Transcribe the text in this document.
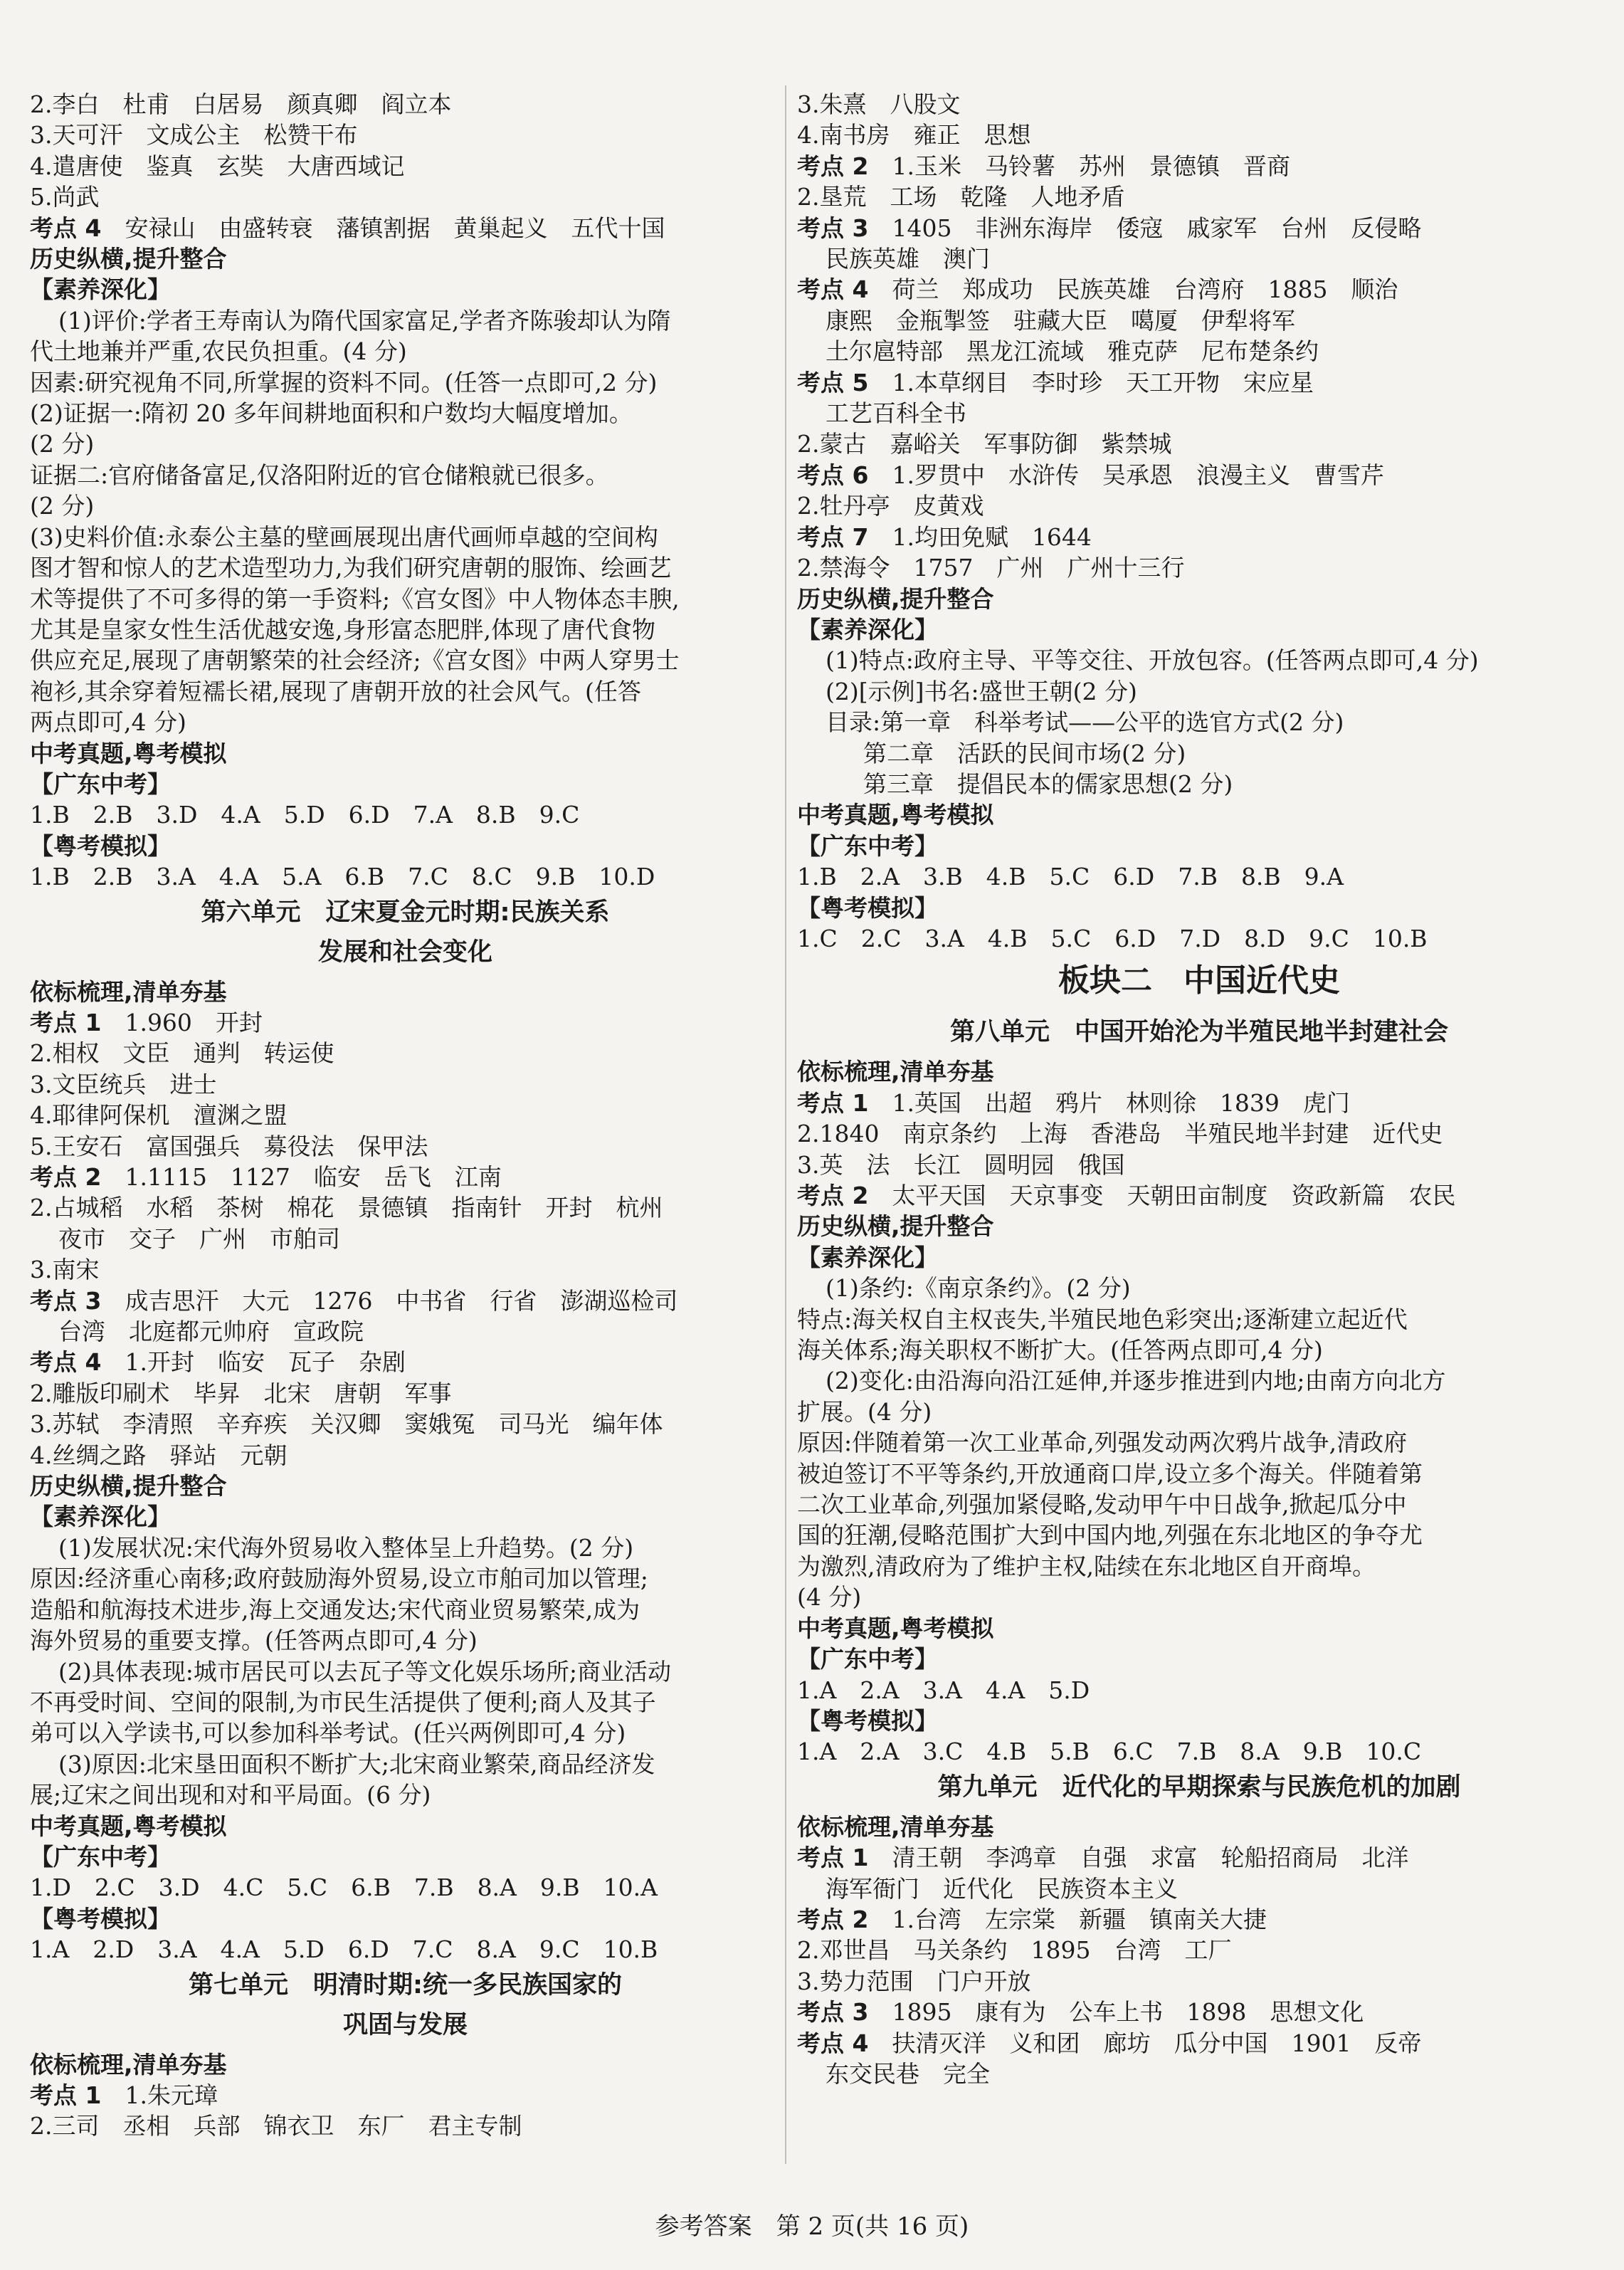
2.李白　杜甫　白居易　颜真卿　阎立本
3.天可汗　文成公主　松赞干布
4.遣唐使　鉴真　玄奘　大唐西域记
5.尚武
考点 4　安禄山　由盛转衰　藩镇割据　黄巢起义　五代十国
历史纵横,提升整合
【素养深化】
(1)评价:学者王寿南认为隋代国家富足,学者齐陈骏却认为隋
代土地兼并严重,农民负担重。(4 分)
因素:研究视角不同,所掌握的资料不同。(任答一点即可,2 分)
(2)证据一:隋初 20 多年间耕地面积和户数均大幅度增加。
(2 分)
证据二:官府储备富足,仅洛阳附近的官仓储粮就已很多。
(2 分)
(3)史料价值:永泰公主墓的壁画展现出唐代画师卓越的空间构
图才智和惊人的艺术造型功力,为我们研究唐朝的服饰、绘画艺
术等提供了不可多得的第一手资料;《宫女图》中人物体态丰腴,
尤其是皇家女性生活优越安逸,身形富态肥胖,体现了唐代食物
供应充足,展现了唐朝繁荣的社会经济;《宫女图》中两人穿男士
袍衫,其余穿着短襦长裙,展现了唐朝开放的社会风气。(任答
两点即可,4 分)
中考真题,粤考模拟
【广东中考】
1.B　2.B　3.D　4.A　5.D　6.D　7.A　8.B　9.C
【粤考模拟】
1.B　2.B　3.A　4.A　5.A　6.B　7.C　8.C　9.B　10.D
第六单元　辽宋夏金元时期:民族关系
发展和社会变化
依标梳理,清单夯基
考点 1　1.960　开封
2.相权　文臣　通判　转运使
3.文臣统兵　进士
4.耶律阿保机　澶渊之盟
5.王安石　富国强兵　募役法　保甲法
考点 2　1.1115　1127　临安　岳飞　江南
2.占城稻　水稻　茶树　棉花　景德镇　指南针　开封　杭州
夜市　交子　广州　市舶司
3.南宋
考点 3　成吉思汗　大元　1276　中书省　行省　澎湖巡检司
台湾　北庭都元帅府　宣政院
考点 4　1.开封　临安　瓦子　杂剧
2.雕版印刷术　毕昇　北宋　唐朝　军事
3.苏轼　李清照　辛弃疾　关汉卿　窦娥冤　司马光　编年体
4.丝绸之路　驿站　元朝
历史纵横,提升整合
【素养深化】
(1)发展状况:宋代海外贸易收入整体呈上升趋势。(2 分)
原因:经济重心南移;政府鼓励海外贸易,设立市舶司加以管理;
造船和航海技术进步,海上交通发达;宋代商业贸易繁荣,成为
海外贸易的重要支撑。(任答两点即可,4 分)
(2)具体表现:城市居民可以去瓦子等文化娱乐场所;商业活动
不再受时间、空间的限制,为市民生活提供了便利;商人及其子
弟可以入学读书,可以参加科举考试。(任兴两例即可,4 分)
(3)原因:北宋垦田面积不断扩大;北宋商业繁荣,商品经济发
展;辽宋之间出现和对和平局面。(6 分)
中考真题,粤考模拟
【广东中考】
1.D　2.C　3.D　4.C　5.C　6.B　7.B　8.A　9.B　10.A
【粤考模拟】
1.A　2.D　3.A　4.A　5.D　6.D　7.C　8.A　9.C　10.B
第七单元　明清时期:统一多民族国家的
巩固与发展
依标梳理,清单夯基
考点 1　1.朱元璋
2.三司　丞相　兵部　锦衣卫　东厂　君主专制
3.朱熹　八股文
4.南书房　雍正　思想
考点 2　1.玉米　马铃薯　苏州　景德镇　晋商
2.垦荒　工场　乾隆　人地矛盾
考点 3　1405　非洲东海岸　倭寇　戚家军　台州　反侵略
民族英雄　澳门
考点 4　荷兰　郑成功　民族英雄　台湾府　1885　顺治
康熙　金瓶掣签　驻藏大臣　噶厦　伊犁将军
土尔扈特部　黑龙江流域　雅克萨　尼布楚条约
考点 5　1.本草纲目　李时珍　天工开物　宋应星
工艺百科全书
2.蒙古　嘉峪关　军事防御　紫禁城
考点 6　1.罗贯中　水浒传　吴承恩　浪漫主义　曹雪芹
2.牡丹亭　皮黄戏
考点 7　1.均田免赋　1644
2.禁海令　1757　广州　广州十三行
历史纵横,提升整合
【素养深化】
(1)特点:政府主导、平等交往、开放包容。(任答两点即可,4 分)
(2)[示例]书名:盛世王朝(2 分)
目录:第一章　科举考试——公平的选官方式(2 分)
第二章　活跃的民间市场(2 分)
第三章　提倡民本的儒家思想(2 分)
中考真题,粤考模拟
【广东中考】
1.B　2.A　3.B　4.B　5.C　6.D　7.B　8.B　9.A
【粤考模拟】
1.C　2.C　3.A　4.B　5.C　6.D　7.D　8.D　9.C　10.B
板块二　中国近代史
第八单元　中国开始沦为半殖民地半封建社会
依标梳理,清单夯基
考点 1　1.英国　出超　鸦片　林则徐　1839　虎门
2.1840　南京条约　上海　香港岛　半殖民地半封建　近代史
3.英　法　长江　圆明园　俄国
考点 2　太平天国　天京事变　天朝田亩制度　资政新篇　农民
历史纵横,提升整合
【素养深化】
(1)条约:《南京条约》。(2 分)
特点:海关权自主权丧失,半殖民地色彩突出;逐渐建立起近代
海关体系;海关职权不断扩大。(任答两点即可,4 分)
(2)变化:由沿海向沿江延伸,并逐步推进到内地;由南方向北方
扩展。(4 分)
原因:伴随着第一次工业革命,列强发动两次鸦片战争,清政府
被迫签订不平等条约,开放通商口岸,设立多个海关。伴随着第
二次工业革命,列强加紧侵略,发动甲午中日战争,掀起瓜分中
国的狂潮,侵略范围扩大到中国内地,列强在东北地区的争夺尤
为激烈,清政府为了维护主权,陆续在东北地区自开商埠。
(4 分)
中考真题,粤考模拟
【广东中考】
1.A　2.A　3.A　4.A　5.D
【粤考模拟】
1.A　2.A　3.C　4.B　5.B　6.C　7.B　8.A　9.B　10.C
第九单元　近代化的早期探索与民族危机的加剧
依标梳理,清单夯基
考点 1　清王朝　李鸿章　自强　求富　轮船招商局　北洋
海军衙门　近代化　民族资本主义
考点 2　1.台湾　左宗棠　新疆　镇南关大捷
2.邓世昌　马关条约　1895　台湾　工厂
3.势力范围　门户开放
考点 3　1895　康有为　公车上书　1898　思想文化
考点 4　扶清灭洋　义和团　廊坊　瓜分中国　1901　反帝
东交民巷　完全
参考答案　第 2 页(共 16 页)
